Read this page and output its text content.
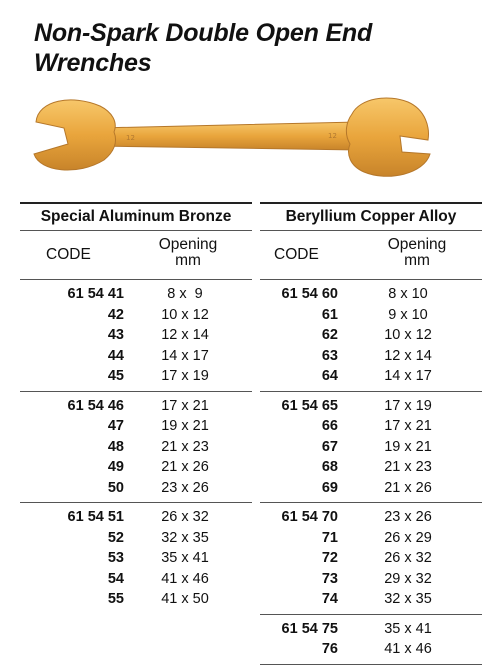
Non-Spark Double Open End
Wrenches
12	12
Special Aluminum Bronze
CODE
Opening
mm
61 54 41	8 x  9
42	10 x 12
43	12 x 14
44	14 x 17
45	17 x 19
61 54 46	17 x 21
47	19 x 21
48	21 x 23
49	21 x 26
50	23 x 26
61 54 51	26 x 32
52	32 x 35
53	35 x 41
54	41 x 46
55	41 x 50
Beryllium Copper Alloy
CODE
Opening
mm
61 54 60	8 x 10
61	9 x 10
62	10 x 12
63	12 x 14
64	14 x 17
61 54 65	17 x 19
66	17 x 21
67	19 x 21
68	21 x 23
69	21 x 26
61 54 70	23 x 26
71	26 x 29
72	26 x 32
73	29 x 32
74	32 x 35
61 54 75	35 x 41
76	41 x 46
